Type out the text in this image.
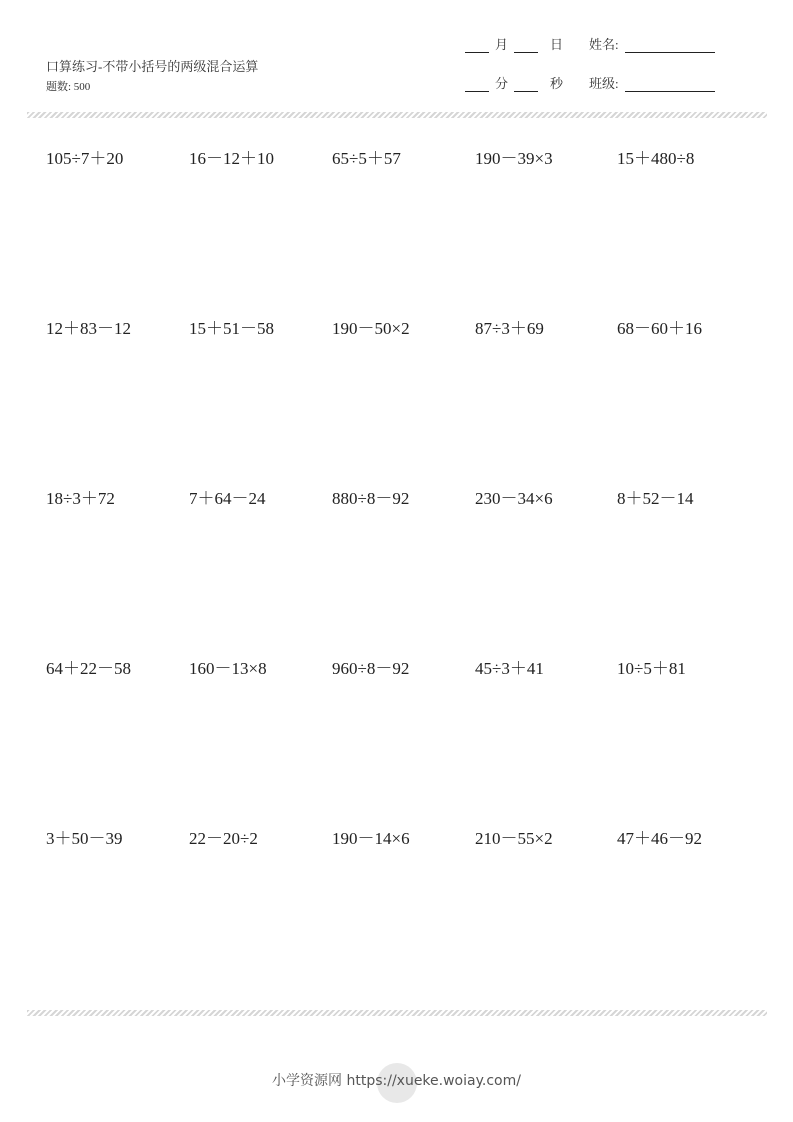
口算练习-不带小括号的两级混合运算
题数: 500
月	日
分	秒
姓名:
班级:
105÷7＋20	16－12＋10	65÷5＋57	190－39×3	15＋480÷8
12＋83－12	15＋51－58	190－50×2	87÷3＋69	68－60＋16
18÷3＋72	7＋64－24	880÷8－92	230－34×6	8＋52－14
64＋22－58	160－13×8	960÷8－92	45÷3＋41	10÷5＋81
3＋50－39	22－20÷2	190－14×6	210－55×2	47＋46－92
小学资源网 https://xueke.woiay.com/
